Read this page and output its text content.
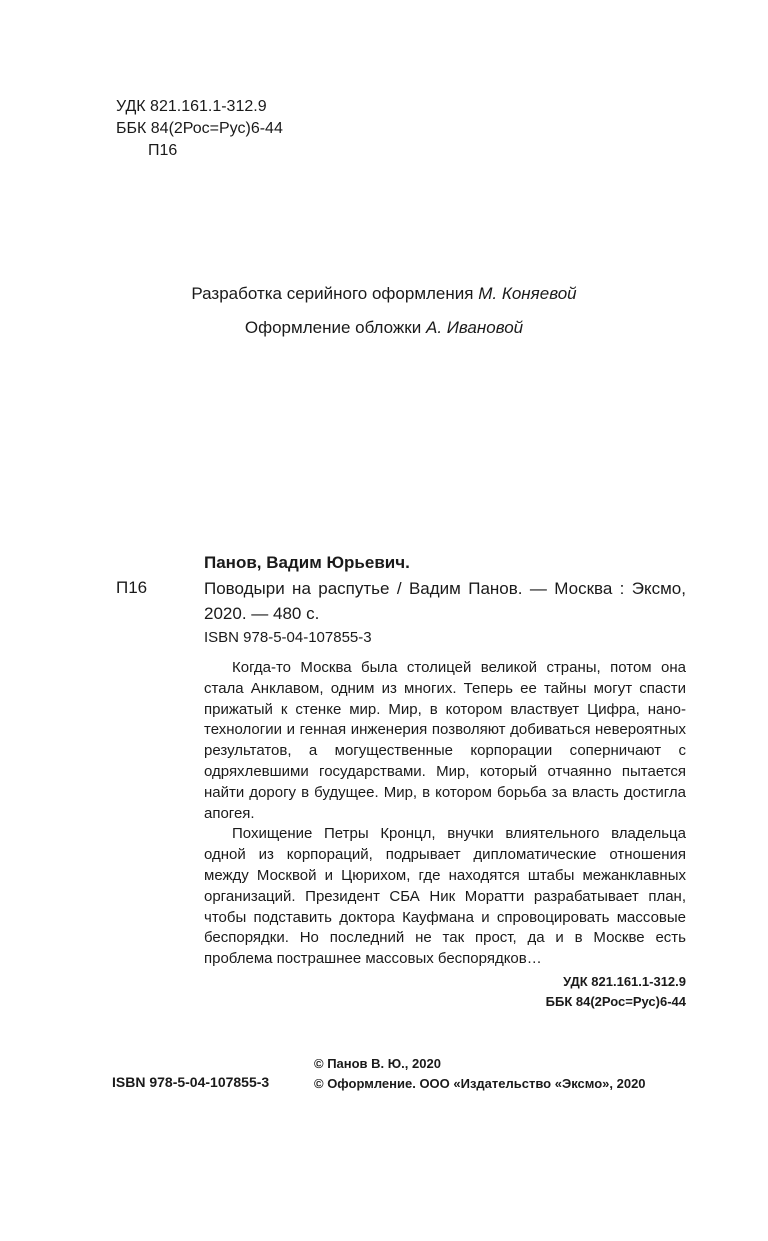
УДК 821.161.1-312.9
ББК 84(2Рос=Рус)6-44
П16
Разработка серийного оформления М. Коняевой
Оформление обложки А. Ивановой
Панов, Вадим Юрьевич.
П16	Поводыри на распутье / Вадим Панов. — Москва : Эксмо, 2020. — 480 с.
ISBN 978-5-04-107855-3

Когда-то Москва была столицей великой страны, потом она стала Анклавом, одним из многих. Теперь ее тайны могут спасти прижатый к стенке мир. Мир, в котором властвует Цифра, нанотехнологии и генная инженерия позволяют добиваться невероятных результатов, а могущественные корпорации соперничают с одряхлевшими государствами. Мир, который отчаянно пытается найти дорогу в будущее. Мир, в котором борьба за власть достигла апогея.

Похищение Петры Кронцл, внучки влиятельного владельца одной из корпораций, подрывает дипломатические отношения между Москвой и Цюрихом, где находятся штабы межанклавных организаций. Президент СБА Ник Моратти разрабатывает план, чтобы подставить доктора Кауфмана и спровоцировать массовые беспорядки. Но последний не так прост, да и в Москве есть проблема пострашнее массовых беспорядков…

УДК 821.161.1-312.9
ББК 84(2Рос=Рус)6-44
ISBN 978-5-04-107855-3
© Панов В. Ю., 2020
© Оформление. ООО «Издательство «Эксмо», 2020
